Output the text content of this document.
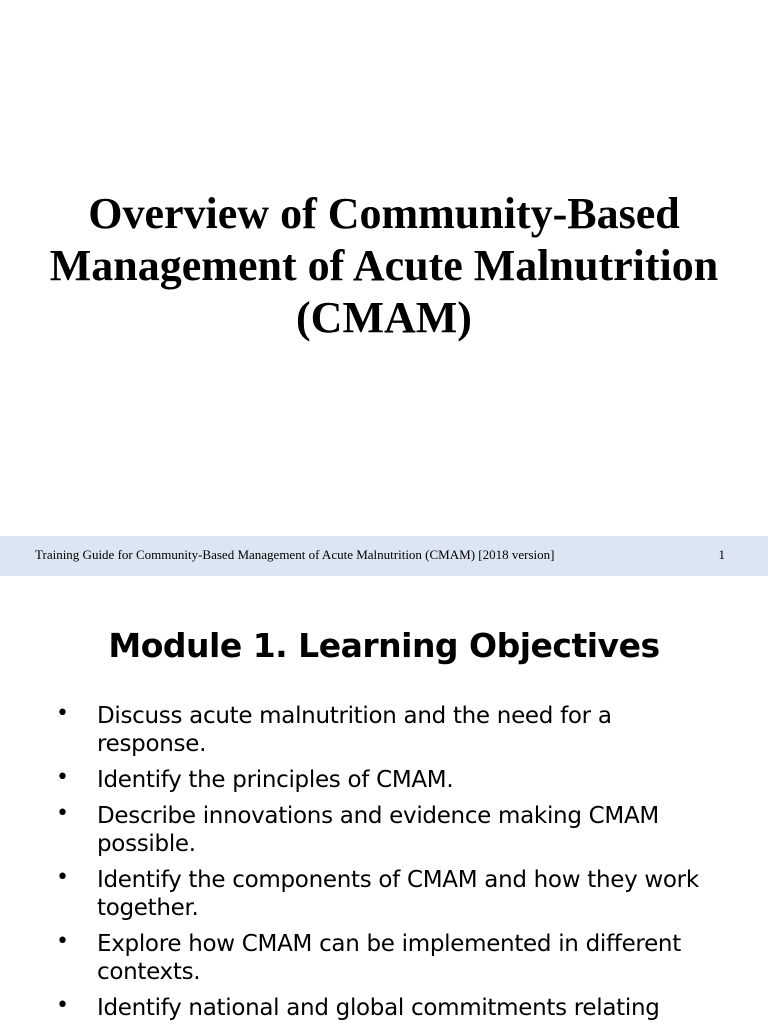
Overview of Community-Based Management of Acute Malnutrition (CMAM)
Training Guide for Community-Based Management of Acute Malnutrition (CMAM) [2018 version]	1
Module 1. Learning Objectives
• Discuss acute malnutrition and the need for a response.
• Identify the principles of CMAM.
• Describe innovations and evidence making CMAM possible.
• Identify the components of CMAM and how they work together.
• Explore how CMAM can be implemented in different contexts.
• Identify national and global commitments relating
